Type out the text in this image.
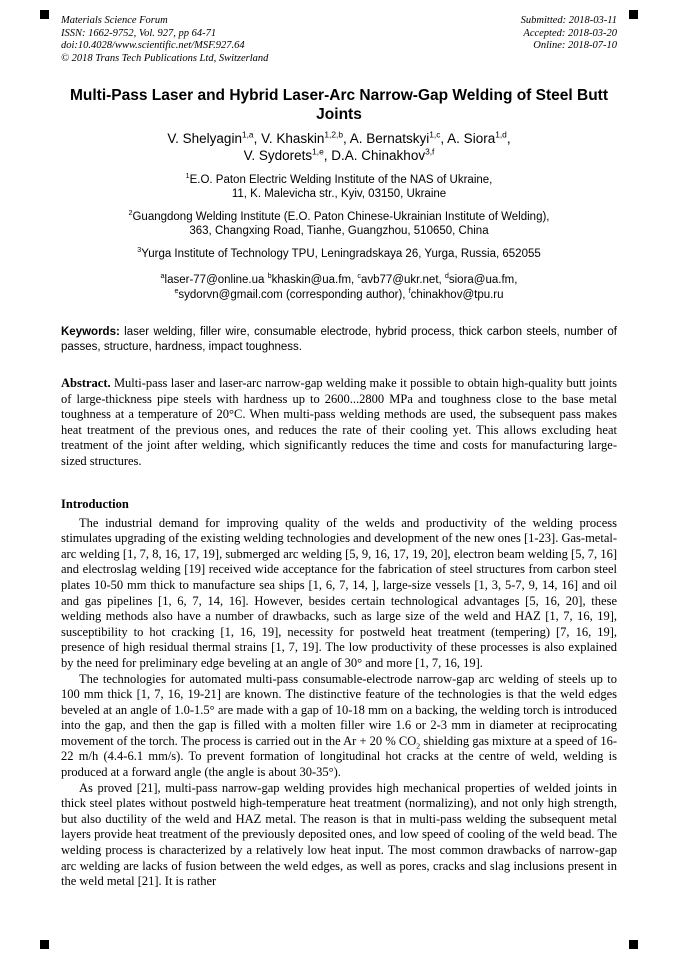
Materials Science Forum
ISSN: 1662-9752, Vol. 927, pp 64-71
doi:10.4028/www.scientific.net/MSF.927.64
© 2018 Trans Tech Publications Ltd, Switzerland
Submitted: 2018-03-11
Accepted: 2018-03-20
Online: 2018-07-10
Multi-Pass Laser and Hybrid Laser-Arc Narrow-Gap Welding of Steel Butt Joints
V. Shelyagin$^{1,a}$, V. Khaskin$^{1,2,b}$, A. Bernatskyi$^{1,c}$, A. Siora$^{1,d}$,
V. Sydorets$^{1,e}$, D.A. Chinakhov$^{3,f}$
$^1$E.O. Paton Electric Welding Institute of the NAS of Ukraine,
11, K. Malevicha str., Kyiv, 03150, Ukraine
$^2$Guangdong Welding Institute (E.O. Paton Chinese-Ukrainian Institute of Welding),
363, Changxing Road, Tianhe, Guangzhou, 510650, China
$^3$Yurga Institute of Technology TPU, Leningradskaya 26, Yurga, Russia, 652055
$^a$laser-77@online.ua $^b$khaskin@ua.fm, $^c$avb77@ukr.net, $^d$siora@ua.fm,
$^e$sydorvn@gmail.com (corresponding author), $^f$chinakhov@tpu.ru

Keywords: laser welding, filler wire, consumable electrode, hybrid process, thick carbon steels, number of passes, structure, hardness, impact toughness.

Abstract. Multi-pass laser and laser-arc narrow-gap welding make it possible to obtain high-quality butt joints of large-thickness pipe steels with hardness up to 2600...2800 MPa and toughness close to the base metal toughness at a temperature of 20°C. When multi-pass welding methods are used, the subsequent pass makes heat treatment of the previous ones, and reduces the rate of their cooling yet. This allows excluding heat treatment of the joint after welding, which significantly reduces the time and costs for manufacturing large-sized structures.

Introduction

The industrial demand for improving quality of the welds and productivity of the welding process stimulates upgrading of the existing welding technologies and development of the new ones [1-23]. Gas-metal-arc welding [1, 7, 8, 16, 17, 19], submerged arc welding [5, 9, 16, 17, 19, 20], electron beam welding [5, 7, 16] and electroslag welding [19] received wide acceptance for the fabrication of steel structures from carbon steel plates 10-50 mm thick to manufacture sea ships [1, 6, 7, 14, ], large-size vessels [1, 3, 5-7, 9, 14, 16] and oil and gas pipelines [1, 6, 7, 14, 16]. However, besides certain technological advantages [5, 16, 20], these welding methods also have a number of drawbacks, such as large size of the weld and HAZ [1, 7, 16, 19], susceptibility to hot cracking [1, 16, 19], necessity for postweld heat treatment (tempering) [7, 16, 19], presence of high residual thermal strains [1, 7, 19]. The low productivity of these processes is also explained by the need for preliminary edge beveling at an angle of 30° and more [1, 7, 16, 19].

The technologies for automated multi-pass consumable-electrode narrow-gap arc welding of steels up to 100 mm thick [1, 7, 16, 19-21] are known. The distinctive feature of the technologies is that the weld edges beveled at an angle of 1.0-1.5° are made with a gap of 10-18 mm on a backing, the welding torch is introduced into the gap, and then the gap is filled with a molten filler wire 1.6 or 2-3 mm in diameter at reciprocating movement of the torch. The process is carried out in the Ar + 20 % $CO_2$ shielding gas mixture at a speed of 16-22 m/h (4.4-6.1 mm/s). To prevent formation of longitudinal hot cracks at the centre of weld, welding is produced at a forward angle (the angle is about 30-35°).

As proved [21], multi-pass narrow-gap welding provides high mechanical properties of welded joints in thick steel plates without postweld high-temperature heat treatment (normalizing), and not only high strength, but also ductility of the weld and HAZ metal. The reason is that in multi-pass welding the subsequent metal layers provide heat treatment of the previously deposited ones, and low speed of cooling of the weld bead. The welding process is characterized by a relatively low heat input. The most common drawbacks of narrow-gap arc welding are lacks of fusion between the weld edges, as well as pores, cracks and slag inclusions present in the weld metal [21]. It is rather
